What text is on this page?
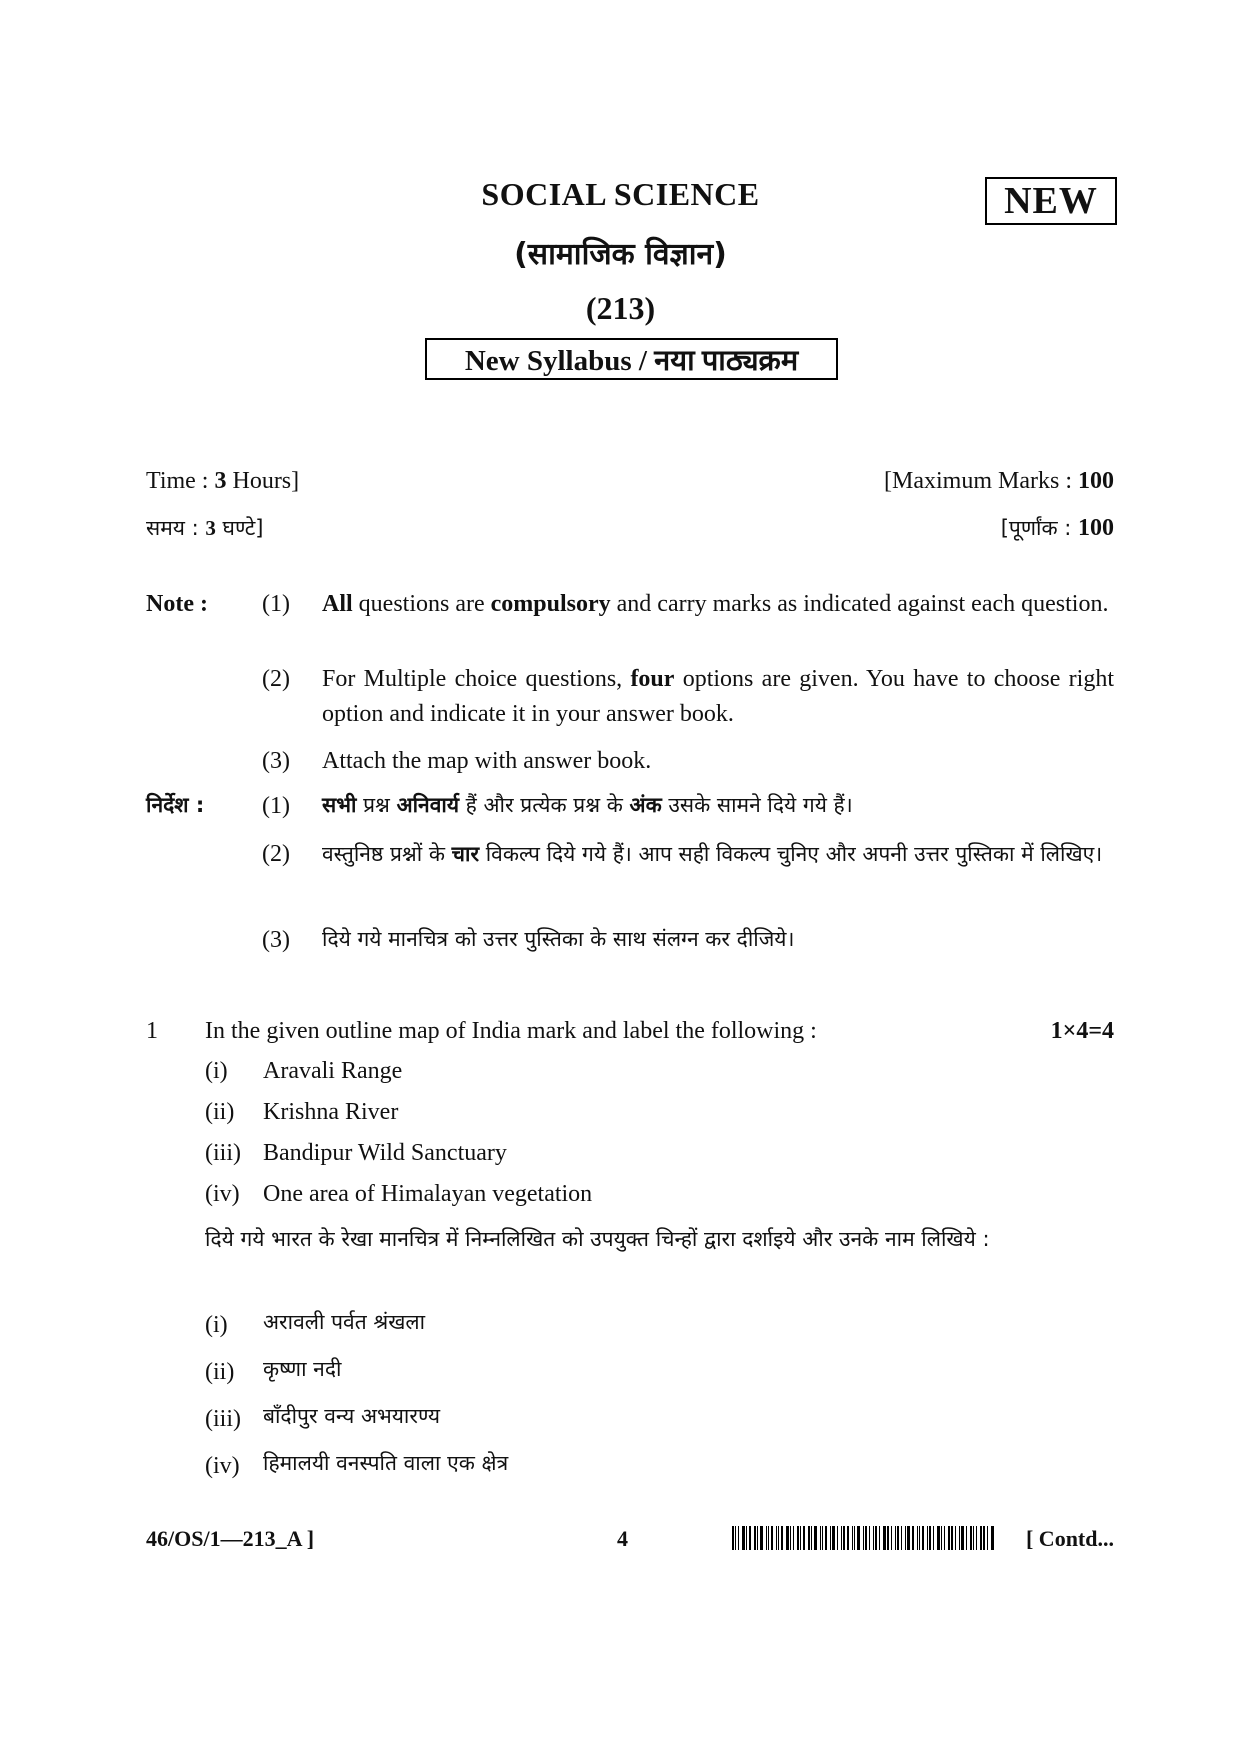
SOCIAL SCIENCE	NEW
(सामाजिक विज्ञान)
(213)
New Syllabus / नया पाठ्यक्रम
Time : 3 Hours]	[Maximum Marks : 100
समय : 3 घण्टे]	[पूर्णांक : 100
Note : (1) All questions are compulsory and carry marks as indicated against each question.
(2) For Multiple choice questions, four options are given. You have to choose right option and indicate it in your answer book.
(3) Attach the map with answer book.
निर्देश : (1) सभी प्रश्न अनिवार्य हैं और प्रत्येक प्रश्न के अंक उसके सामने दिये गये हैं।
(2) वस्तुनिष्ठ प्रश्नों के चार विकल्प दिये गये हैं। आप सही विकल्प चुनिए और अपनी उत्तर पुस्तिका में लिखिए।
(3) दिये गये मानचित्र को उत्तर पुस्तिका के साथ संलग्न कर दीजिये।
1 In the given outline map of India mark and label the following :	1×4=4
(i) Aravali Range
(ii) Krishna River
(iii) Bandipur Wild Sanctuary
(iv) One area of Himalayan vegetation
दिये गये भारत के रेखा मानचित्र में निम्नलिखित को उपयुक्त चिन्हों द्वारा दर्शाइये और उनके नाम लिखिये :
(i) अरावली पर्वत श्रंखला
(ii) कृष्णा नदी
(iii) बाँदीपुर वन्य अभयारण्य
(iv) हिमालयी वनस्पति वाला एक क्षेत्र
46/OS/1—213_A ]	4	[ Contd...
